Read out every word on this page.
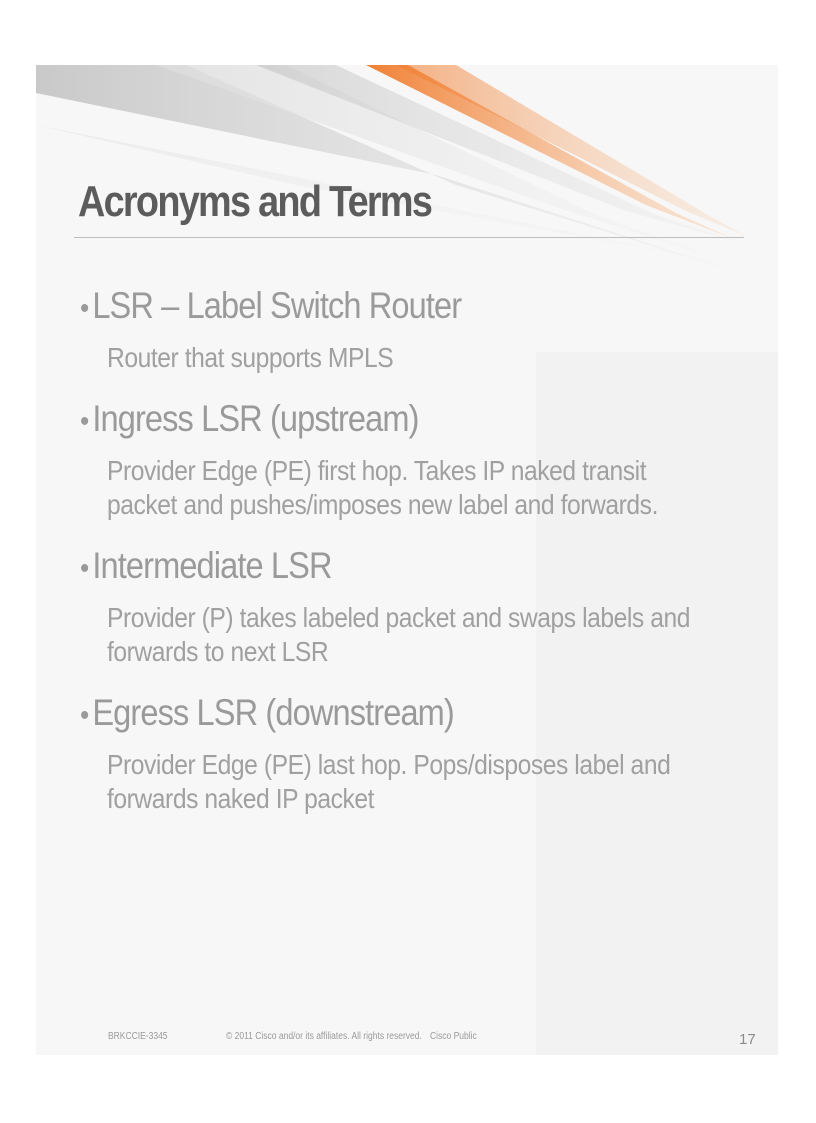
Acronyms and Terms
• LSR – Label Switch Router
Router that supports MPLS
• Ingress LSR (upstream)
Provider Edge (PE) first hop. Takes IP naked transit packet and pushes/imposes new label and forwards.
• Intermediate LSR
Provider (P) takes labeled packet and swaps labels and forwards to next LSR
• Egress LSR (downstream)
Provider Edge (PE) last hop. Pops/disposes label and forwards naked IP packet
BRKCCIE-3345	© 2011 Cisco and/or its affiliates. All rights reserved. Cisco Public	17
